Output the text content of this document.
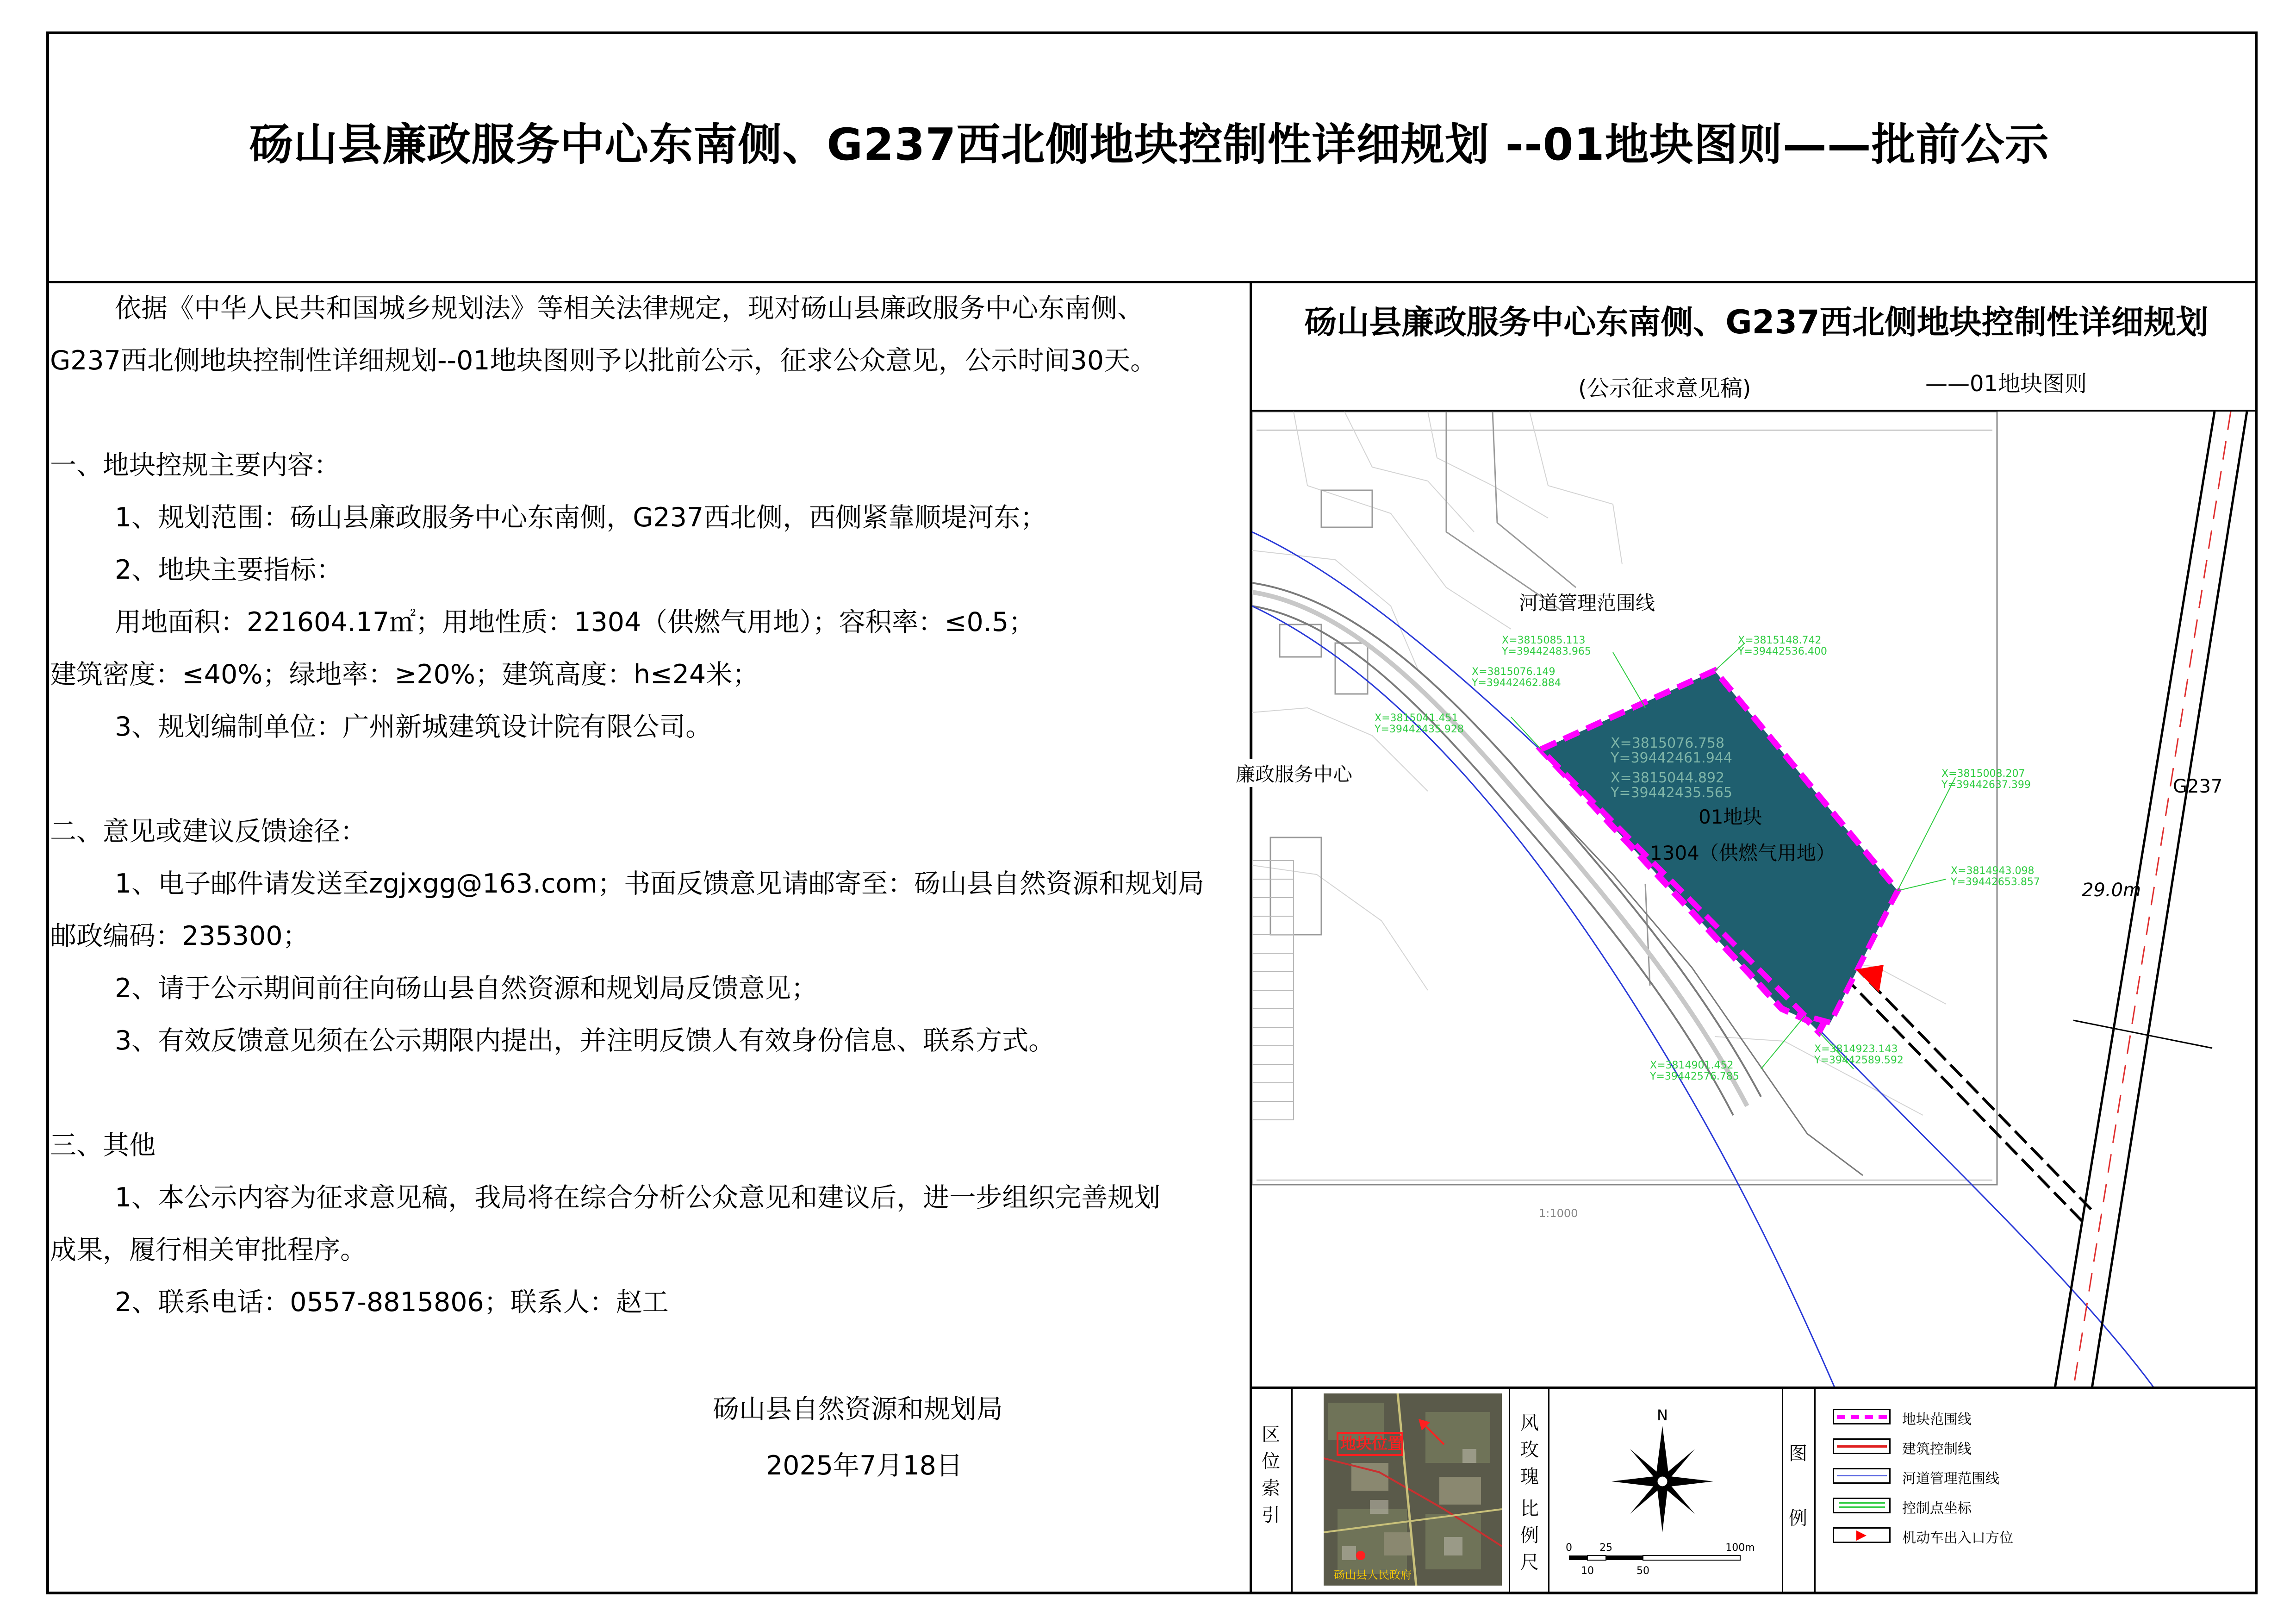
砀山县廉政服务中心东南侧、G237西北侧地块控制性详细规划 --01地块图则——批前公示
依据《中华人民共和国城乡规划法》等相关法律规定，现对砀山县廉政服务中心东南侧、
G237西北侧地块控制性详细规划--01地块图则予以批前公示，征求公众意见，公示时间30天。
一、地块控规主要内容：
1、规划范围：砀山县廉政服务中心东南侧，G237西北侧，西侧紧靠顺堤河东；
2、地块主要指标：
用地面积：221604.17㎡；用地性质：1304（供燃气用地）；容积率：≤0.5；
建筑密度：≤40%；绿地率：≥20%；建筑高度：h≤24米；
3、规划编制单位：广州新城建筑设计院有限公司。
二、意见或建议反馈途径：
1、电子邮件请发送至zgjxgg@163.com；书面反馈意见请邮寄至：砀山县自然资源和规划局
邮政编码：235300；
2、请于公示期间前往向砀山县自然资源和规划局反馈意见；
3、有效反馈意见须在公示期限内提出，并注明反馈人有效身份信息、联系方式。
三、其他
1、本公示内容为征求意见稿，我局将在综合分析公众意见和建议后，进一步组织完善规划
成果，履行相关审批程序。
2、联系电话：0557-8815806；联系人：赵工
砀山县自然资源和规划局
2025年7月18日
砀山县廉政服务中心东南侧、G237西北侧地块控制性详细规划
(公示征求意见稿)	——01地块图则
1:1000
河道管理范围线
廉政服务中心
G237
01地块
1304（供燃气用地）
29.0m
X=3815085.113
Y=39442483.965
X=3815148.742
Y=39442536.400
X=3815076.149
Y=39442462.884
X=3815041.451
Y=39442435.928
X=3815076.758
Y=39442461.944
X=3815044.892
Y=39442435.565
X=3815008.207
Y=39442637.399
X=3814943.098
Y=39442653.857
X=3814923.143
Y=39442589.592
X=3814901.452
Y=39442576.785
区
位
索
引
地块位置
砀山县人民政府
风
玫
瑰
比
例
尺
N
0	25	100m
10	50
图
例
地块范围线
建筑控制线
河道管理范围线
控制点坐标
机动车出入口方位
